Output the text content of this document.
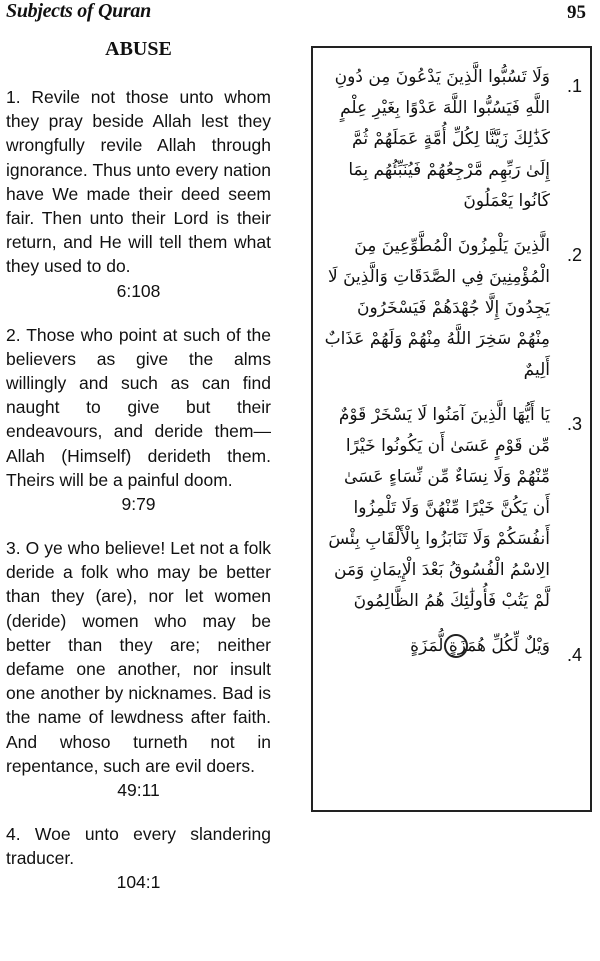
Subjects of Quran	95
ABUSE

1. Revile not those unto whom they pray beside Allah lest they wrongfully revile Allah through ignorance. Thus unto every nation have We made their deed seem fair. Then unto their Lord is their return, and He will tell them what they used to do.

6:108

2. Those who point at such of the believers as give the alms willingly and such as can find naught to give but their endeavours, and deride them— Allah (Himself) derideth them. Theirs will be a painful doom.

9:79

3. O ye who believe! Let not a folk deride a folk who may be better than they (are), nor let women (deride) women who may be better than they are; neither defame one another, nor insult one another by nicknames. Bad is the name of lewdness after faith. And whoso turneth not in repentance, such are evil doers.

49:11

4. Woe unto every slandering traducer.

104:1

.1

وَلَا تَسُبُّوا الَّذِينَ يَدْعُونَ مِن دُونِ اللَّهِ فَيَسُبُّوا اللَّهَ عَدْوًا بِغَيْرِ عِلْمٍ كَذَٰلِكَ زَيَّنَّا لِكُلِّ أُمَّةٍ عَمَلَهُمْ ثُمَّ إِلَىٰ رَبِّهِم مَّرْجِعُهُمْ فَيُنَبِّئُهُم بِمَا كَانُوا يَعْمَلُونَ

.2

الَّذِينَ يَلْمِزُونَ الْمُطَّوِّعِينَ مِنَ الْمُؤْمِنِينَ فِي الصَّدَقَاتِ وَالَّذِينَ لَا يَجِدُونَ إِلَّا جُهْدَهُمْ فَيَسْخَرُونَ مِنْهُمْ سَخِرَ اللَّهُ مِنْهُمْ وَلَهُمْ عَذَابٌ أَلِيمٌ

.3

يَا أَيُّهَا الَّذِينَ آمَنُوا لَا يَسْخَرْ قَوْمٌ مِّن قَوْمٍ عَسَىٰ أَن يَكُونُوا خَيْرًا مِّنْهُمْ وَلَا نِسَاءٌ مِّن نِّسَاءٍ عَسَىٰ أَن يَكُنَّ خَيْرًا مِّنْهُنَّ وَلَا تَلْمِزُوا أَنفُسَكُمْ وَلَا تَنَابَزُوا بِالْأَلْقَابِ بِئْسَ الِاسْمُ الْفُسُوقُ بَعْدَ الْإِيمَانِ وَمَن لَّمْ يَتُبْ فَأُولَٰئِكَ هُمُ الظَّالِمُونَ

.4

وَيْلٌ لِّكُلِّ هُمَزَةٍ لُّمَزَةٍ
